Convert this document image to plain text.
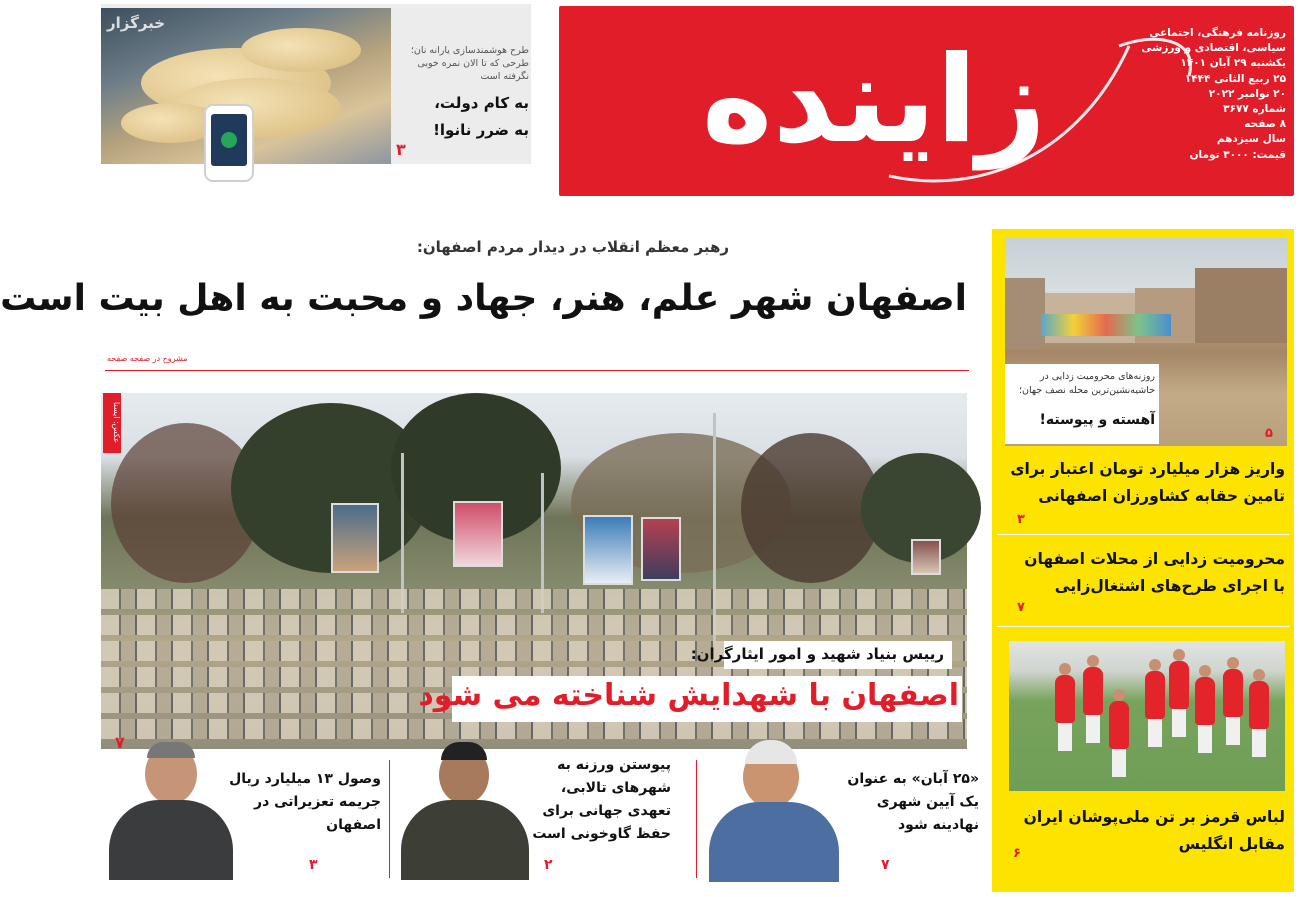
خبرگزار
طرح هوشمندسازی یارانه نان؛ طرحی که تا الان نمره خوبی نگرفته است
به کام دولت،
به ضرر نانوا!
۳	زاینده رود
روزنامه فرهنگی، اجتماعی
سیاسی، اقتصادی و ورزشی
یکشنبه ۲۹ آبان ۱۴۰۱
۲۵ ربیع الثانی ۱۴۴۴
۲۰ نوامبر ۲۰۲۲
شماره ۳۶۷۷
۸ صفحه
سال سیزدهم
قیمت: ۳۰۰۰ تومان
رهبر معظم انقلاب در دیدار مردم اصفهان:
اصفهان شهر علم، هنر، جهاد و محبت به اهل بیت است
مشروح در صفحه صفحه
عکس: ایسنا
رییس بنیاد شهید و امور ایثارگران:
اصفهان با شهدایش شناخته می شود
۷
روزنه‌های محرومیت زدایی در حاشیه‌نشین‌ترین محله نصف جهان؛
آهسته و پیوسته!
۵
واریز هزار میلیارد تومان اعتبار برای
تامین حقابه کشاورزان اصفهانی
۳
محرومیت زدایی از محلات اصفهان
با اجرای طرح‌های اشتغال‌زایی
۷
لباس قرمز بر تن ملی‌پوشان ایران
مقابل انگلیس
۶
«۲۵ آبان» به عنوان
یک آیین شهری
نهادینه شود
۷
پیوستن ورزنه به
شهرهای تالابی،
تعهدی جهانی برای
حفظ گاوخونی است
۲
وصول ۱۳ میلیارد ریال
جریمه تعزیراتی در
اصفهان
۳
